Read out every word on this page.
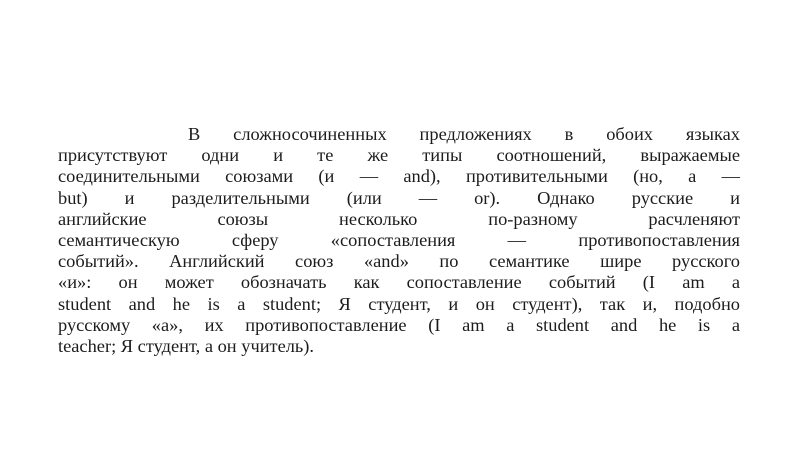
В сложносочиненных предложениях в обоих языках
присутствуют одни и те же типы соотношений, выражаемые
соединительными союзами (и — and), противительными (но, а —
but) и разделительными (или — or). Однако русские и
английские союзы несколько по-разному расчленяют
семантическую сферу «сопоставления — противопоставления
событий». Английский союз «and» по семантике шире русского
«и»: он может обозначать как сопоставление событий (I am a
student and he is a student; Я студент, и он студент), так и, подобно
русскому «а», их противопоставление (I am a student and he is a
teacher; Я студент, а он учитель).
